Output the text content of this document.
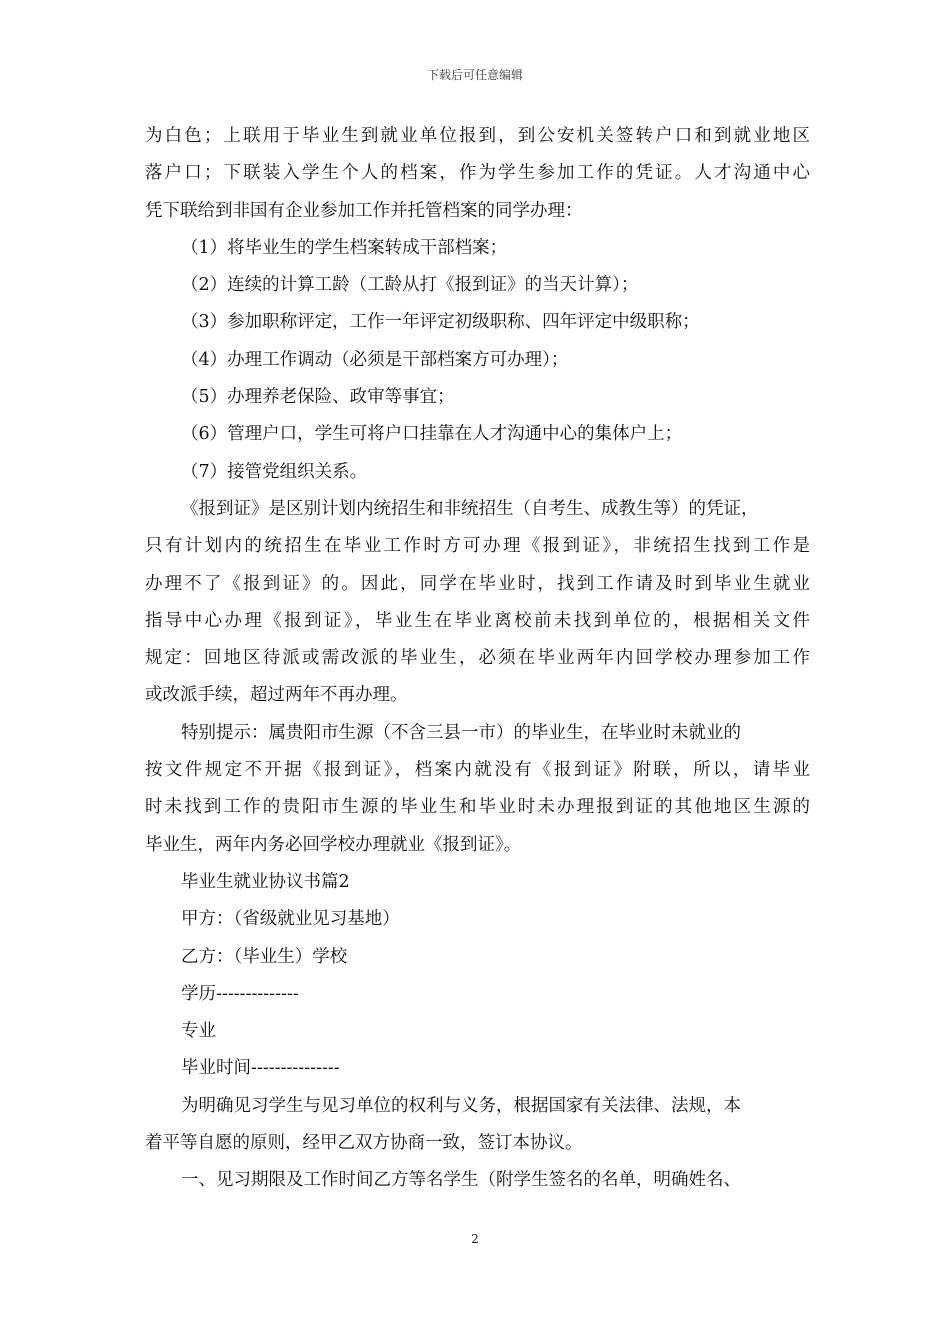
下载后可任意编辑
为白色；上联用于毕业生到就业单位报到，到公安机关签转户口和到就业地区
落户口；下联装入学生个人的档案，作为学生参加工作的凭证。人才沟通中心
凭下联给到非国有企业参加工作并托管档案的同学办理：
（1）将毕业生的学生档案转成干部档案；
（2）连续的计算工龄（工龄从打《报到证》的当天计算）；
（3）参加职称评定，工作一年评定初级职称、四年评定中级职称；
（4）办理工作调动（必须是干部档案方可办理）；
（5）办理养老保险、政审等事宜；
（6）管理户口，学生可将户口挂靠在人才沟通中心的集体户上；
（7）接管党组织关系。
《报到证》是区别计划内统招生和非统招生（自考生、成教生等）的凭证，
只有计划内的统招生在毕业工作时方可办理《报到证》，非统招生找到工作是
办理不了《报到证》的。因此，同学在毕业时，找到工作请及时到毕业生就业
指导中心办理《报到证》，毕业生在毕业离校前未找到单位的，根据相关文件
规定：回地区待派或需改派的毕业生，必须在毕业两年内回学校办理参加工作
或改派手续，超过两年不再办理。
特别提示：属贵阳市生源（不含三县一市）的毕业生，在毕业时未就业的
按文件规定不开据《报到证》，档案内就没有《报到证》附联，所以，请毕业
时未找到工作的贵阳市生源的毕业生和毕业时未办理报到证的其他地区生源的
毕业生，两年内务必回学校办理就业《报到证》。
毕业生就业协议书篇2
甲方：（省级就业见习基地）
乙方：（毕业生）学校
学历--------------
专业
毕业时间---------------
为明确见习学生与见习单位的权利与义务，根据国家有关法律、法规，本
着平等自愿的原则，经甲乙双方协商一致，签订本协议。
一、见习期限及工作时间乙方等名学生（附学生签名的名单，明确姓名、
2
